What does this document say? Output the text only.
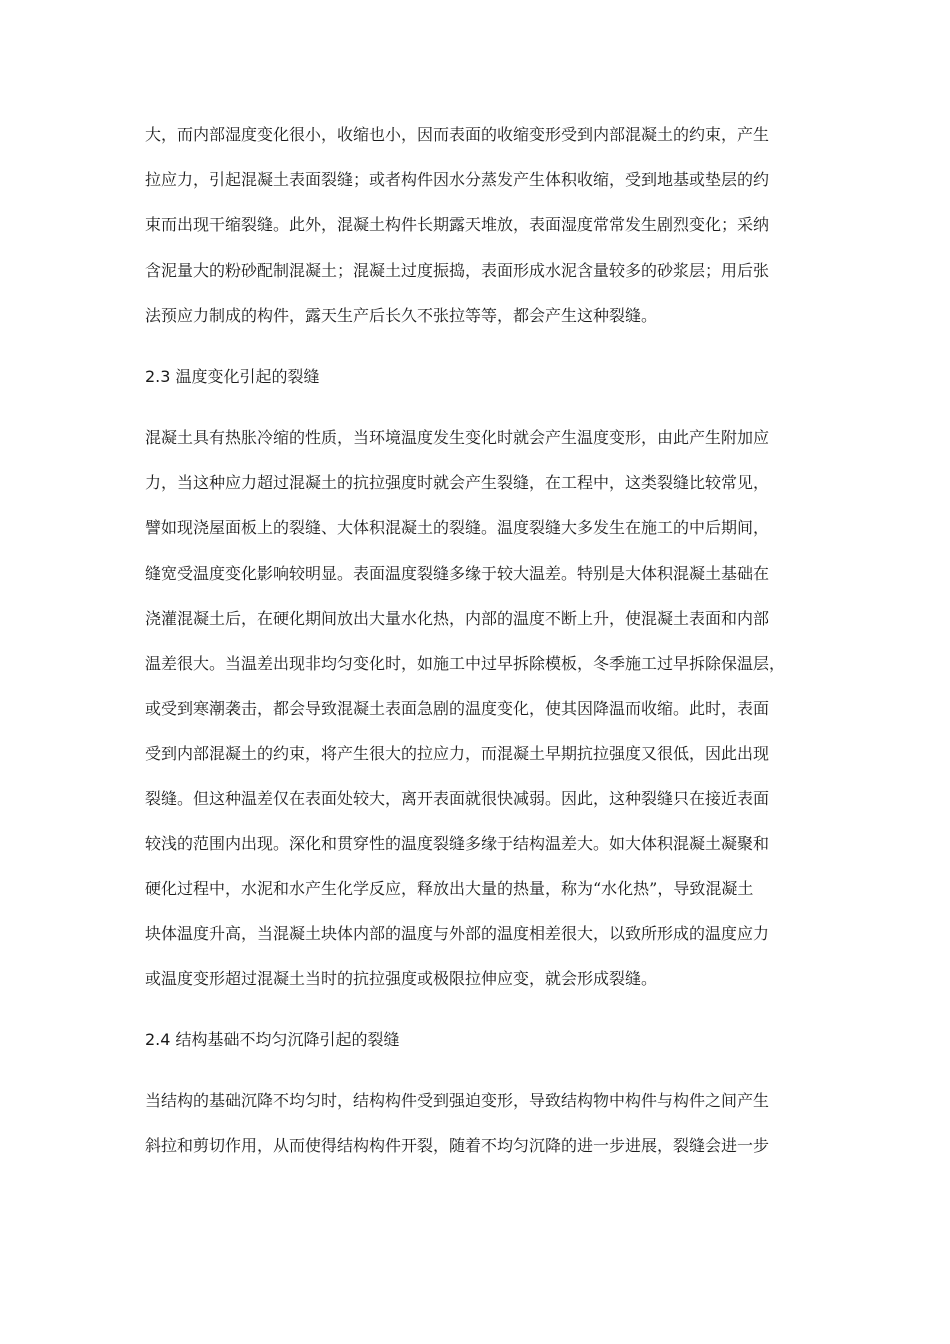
大，而内部湿度变化很小，收缩也小，因而表面的收缩变形受到内部混凝土的约束，产生
拉应力，引起混凝土表面裂缝；或者构件因水分蒸发产生体积收缩，受到地基或垫层的约
束而出现干缩裂缝。此外，混凝土构件长期露天堆放，表面湿度常常发生剧烈变化；采纳
含泥量大的粉砂配制混凝土；混凝土过度振捣，表面形成水泥含量较多的砂浆层；用后张
法预应力制成的构件，露天生产后长久不张拉等等，都会产生这种裂缝。
2.3 温度变化引起的裂缝
混凝土具有热胀冷缩的性质，当环境温度发生变化时就会产生温度变形，由此产生附加应
力，当这种应力超过混凝土的抗拉强度时就会产生裂缝，在工程中，这类裂缝比较常见，
譬如现浇屋面板上的裂缝、大体积混凝土的裂缝。温度裂缝大多发生在施工的中后期间，
缝宽受温度变化影响较明显。表面温度裂缝多缘于较大温差。特别是大体积混凝土基础在
浇灌混凝土后，在硬化期间放出大量水化热，内部的温度不断上升，使混凝土表面和内部
温差很大。当温差出现非均匀变化时，如施工中过早拆除模板，冬季施工过早拆除保温层，
或受到寒潮袭击，都会导致混凝土表面急剧的温度变化，使其因降温而收缩。此时，表面
受到内部混凝土的约束，将产生很大的拉应力，而混凝土早期抗拉强度又很低，因此出现
裂缝。但这种温差仅在表面处较大，离开表面就很快减弱。因此，这种裂缝只在接近表面
较浅的范围内出现。深化和贯穿性的温度裂缝多缘于结构温差大。如大体积混凝土凝聚和
硬化过程中，水泥和水产生化学反应，释放出大量的热量，称为“水化热”，导致混凝土
块体温度升高，当混凝土块体内部的温度与外部的温度相差很大，以致所形成的温度应力
或温度变形超过混凝土当时的抗拉强度或极限拉伸应变，就会形成裂缝。
2.4 结构基础不均匀沉降引起的裂缝
当结构的基础沉降不均匀时，结构构件受到强迫变形，导致结构物中构件与构件之间产生
斜拉和剪切作用，从而使得结构构件开裂，随着不均匀沉降的进一步进展，裂缝会进一步
